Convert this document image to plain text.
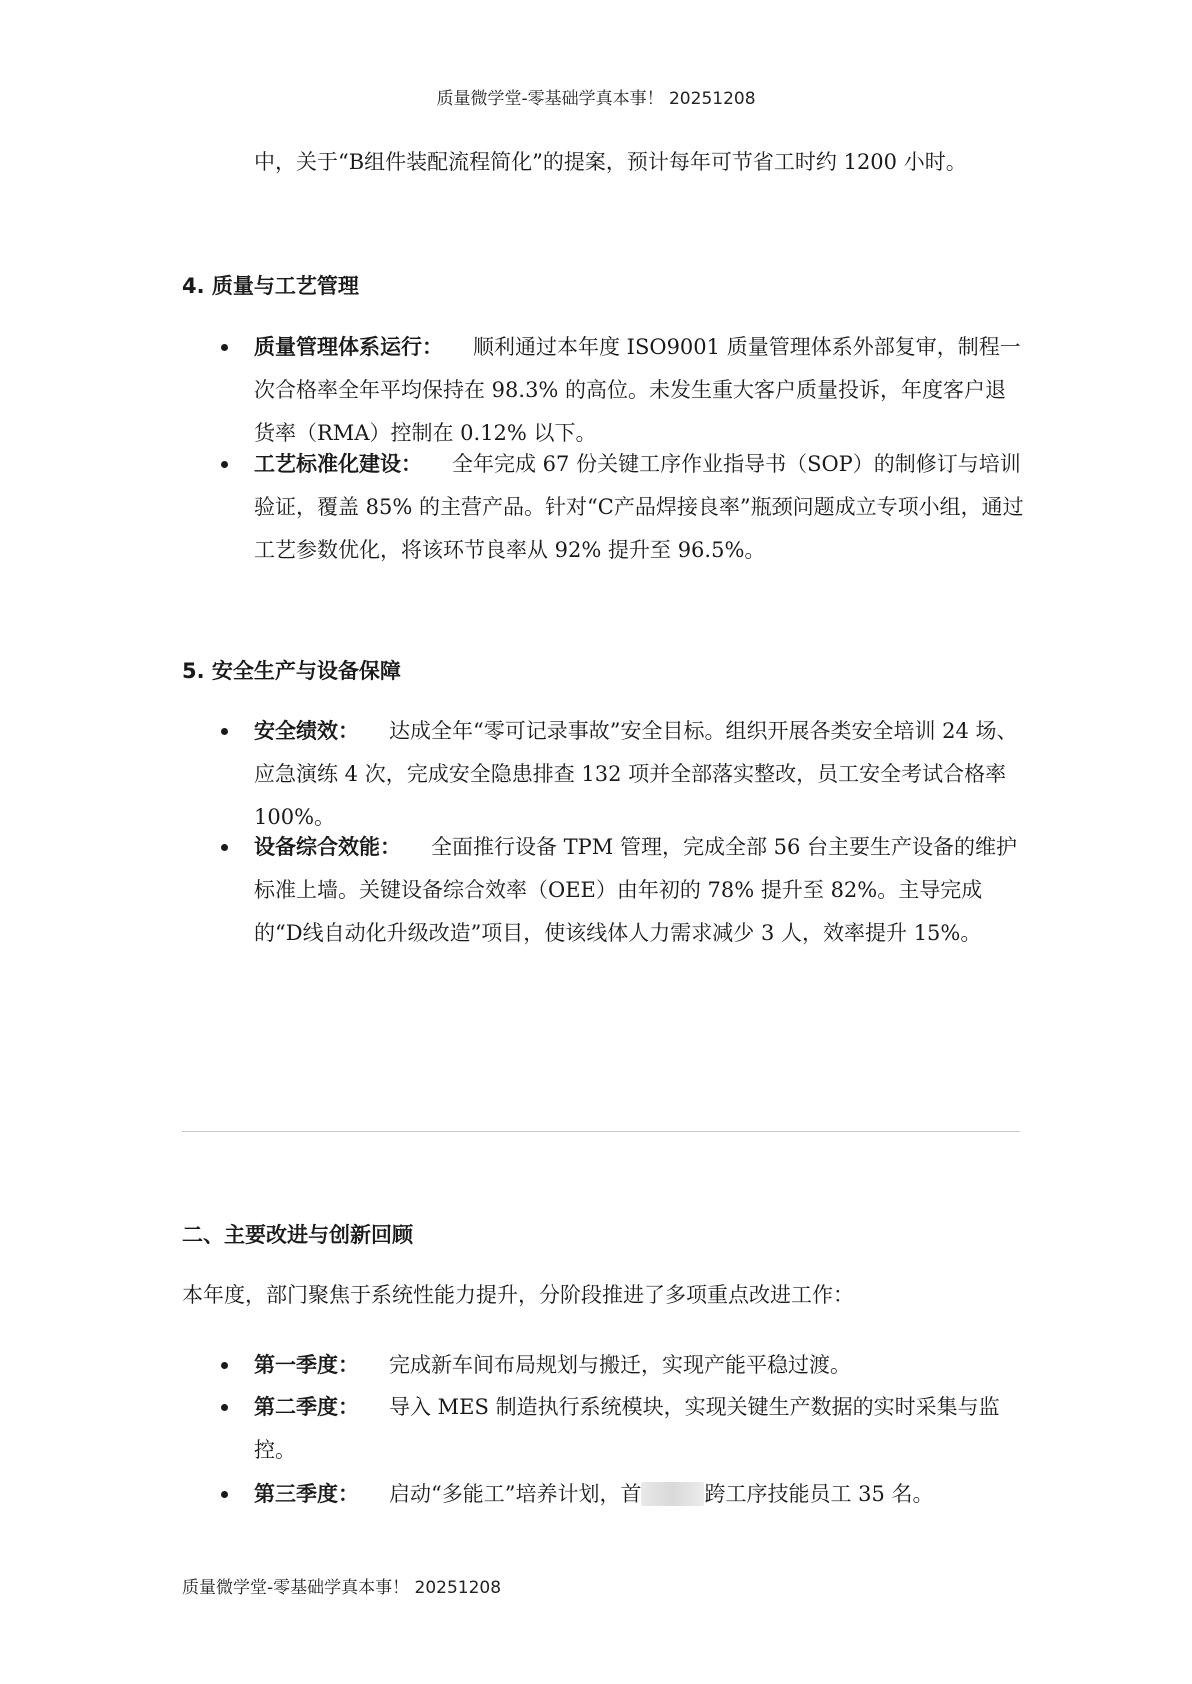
质量微学堂-零基础学真本事！ 20251208
中，关于“B组件装配流程简化”的提案，预计每年可节省工时约 1200 小时。
4. 质量与工艺管理
质量管理体系运行： 顺利通过本年度 ISO9001 质量管理体系外部复审，制程一次合格率全年平均保持在 98.3% 的高位。未发生重大客户质量投诉，年度客户退货率（RMA）控制在 0.12% 以下。
工艺标准化建设： 全年完成 67 份关键工序作业指导书（SOP）的制修订与培训验证，覆盖 85% 的主营产品。针对“C产品焊接良率”瓶颈问题成立专项小组，通过工艺参数优化，将该环节良率从 92% 提升至 96.5%。
5. 安全生产与设备保障
安全绩效： 达成全年“零可记录事故”安全目标。组织开展各类安全培训 24 场、应急演练 4 次，完成安全隐患排查 132 项并全部落实整改，员工安全考试合格率 100%。
设备综合效能： 全面推行设备 TPM 管理，完成全部 56 台主要生产设备的维护标准上墙。关键设备综合效率（OEE）由年初的 78% 提升至 82%。主导完成的“D线自动化升级改造”项目，使该线体人力需求减少 3 人，效率提升 15%。
二、主要改进与创新回顾
本年度，部门聚焦于系统性能力提升，分阶段推进了多项重点改进工作：
第一季度： 完成新车间布局规划与搬迁，实现产能平稳过渡。
第二季度： 导入 MES 制造执行系统模块，实现关键生产数据的实时采集与监控。
第三季度： 启动“多能工”培养计划，首	跨工序技能员工 35 名。
质量微学堂-零基础学真本事！ 20251208
